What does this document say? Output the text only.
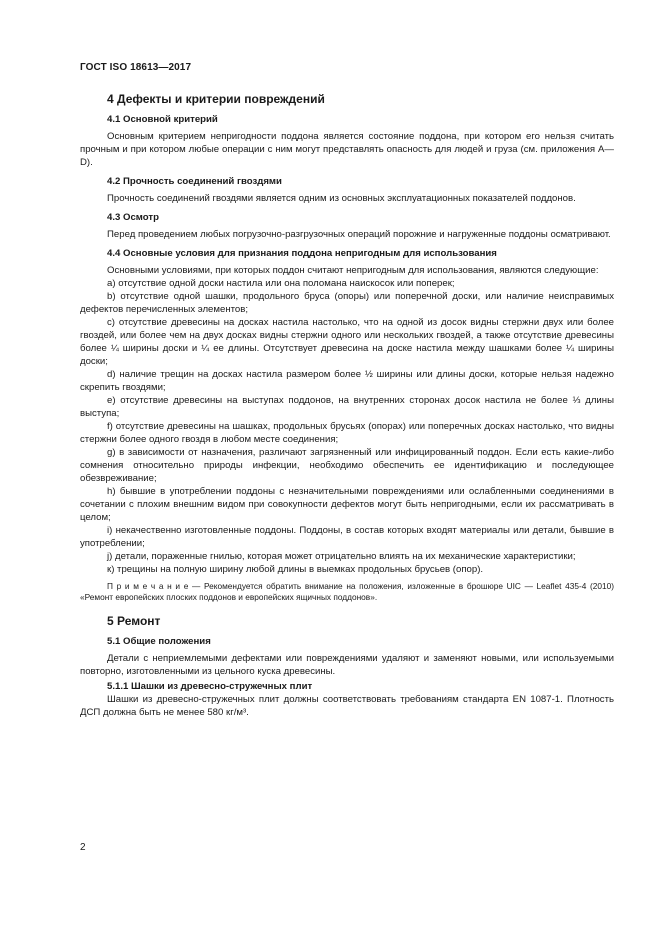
ГОСТ ISO 18613—2017
4 Дефекты и критерии повреждений
4.1 Основной критерий

Основным критерием непригодности поддона является состояние поддона, при котором его нельзя считать прочным и при котором любые операции с ним могут представлять опасность для людей и груза (см. приложения А—D).

4.2 Прочность соединений гвоздями

Прочность соединений гвоздями является одним из основных эксплуатационных показателей поддонов.

4.3 Осмотр

Перед проведением любых погрузочно-разгрузочных операций порожние и нагруженные поддоны осматривают.

4.4 Основные условия для признания поддона непригодным для использования
Основными условиями, при которых поддон считают непригодным для использования, являются следующие:
a) отсутствие одной доски настила или она поломана наискосок или поперек;
b) отсутствие одной шашки, продольного бруса (опоры) или поперечной доски, или наличие неисправимых дефектов перечисленных элементов;
c) отсутствие древесины на досках настила настолько, что на одной из досок видны стержни двух или более гвоздей, или более чем на двух досках видны стержни одного или нескольких гвоздей, а также отсутствие древесины более ¼ ширины доски и ¼ ее длины. Отсутствует древесина на доске настила между шашками более ¼ ширины доски;
d) наличие трещин на досках настила размером более ½ ширины или длины доски, которые нельзя надежно скрепить гвоздями;
e) отсутствие древесины на выступах поддонов, на внутренних сторонах досок настила не более ⅓ длины выступа;
f) отсутствие древесины на шашках, продольных брусьях (опорах) или поперечных досках настолько, что видны стержни более одного гвоздя в любом месте соединения;
g) в зависимости от назначения, различают загрязненный или инфицированный поддон. Если есть какие-либо сомнения относительно природы инфекции, необходимо обеспечить ее идентификацию и последующее обезвреживание;
h) бывшие в употреблении поддоны с незначительными повреждениями или ослабленными соединениями в сочетании с плохим внешним видом при совокупности дефектов могут быть непригодными, если их рассматривать в целом;
i) некачественно изготовленные поддоны. Поддоны, в состав которых входят материалы или детали, бывшие в употреблении;
j) детали, пораженные гнилью, которая может отрицательно влиять на их механические характеристики;
к) трещины на полную ширину любой длины в выемках продольных брусьев (опор).
П р и м е ч а н и е — Рекомендуется обратить внимание на положения, изложенные в брошюре UIC — Leaflet 435-4 (2010) «Ремонт европейских плоских поддонов и европейских ящичных поддонов».
5 Ремонт
5.1 Общие положения

Детали с неприемлемыми дефектами или повреждениями удаляют и заменяют новыми, или используемыми повторно, изготовленными из цельного куска древесины.

5.1.1 Шашки из древесно-стружечных плит

Шашки из древесно-стружечных плит должны соответствовать требованиям стандарта EN 1087-1. Плотность ДСП должна быть не менее 580 кг/м³.

2
